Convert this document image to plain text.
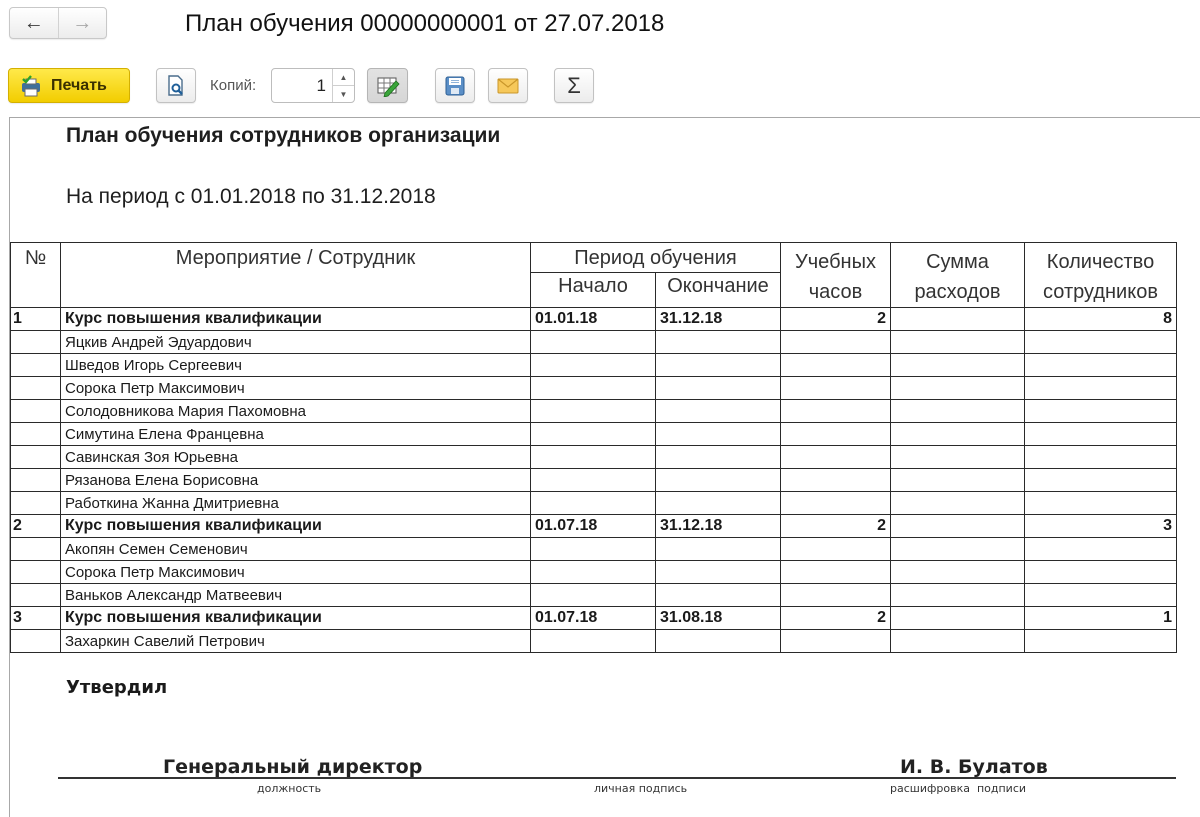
← →	План обучения 00000000001 от 27.07.2018
Печать	Копий:
1	▲
▼	Σ
План обучения сотрудников организации
На период с 01.01.2018 по 31.12.2018
№	Мероприятие / Сотрудник	Период обучения		Учебных часов	Сумма расходов	Количество сотрудников
		Начало	Окончание			
1	Курс повышения квалификации	01.01.18	31.12.18	2		8
	Яцкив Андрей Эдуардович					
	Шведов Игорь Сергеевич					
	Сорока Петр Максимович					
	Солодовникова Мария Пахомовна					
	Симутина Елена Францевна					
	Савинская Зоя Юрьевна					
	Рязанова Елена Борисовна					
	Работкина Жанна Дмитриевна					
2	Курс повышения квалификации	01.07.18	31.12.18	2		3
	Акопян Семен Семенович					
	Сорока Петр Максимович					
	Ваньков Александр Матвеевич					
3	Курс повышения квалификации	01.07.18	31.08.18	2		1
	Захаркин Савелий Петрович					
Утвердил
Генеральный директор	И. В. Булатов
должность	личная подпись	расшифровка  подписи
